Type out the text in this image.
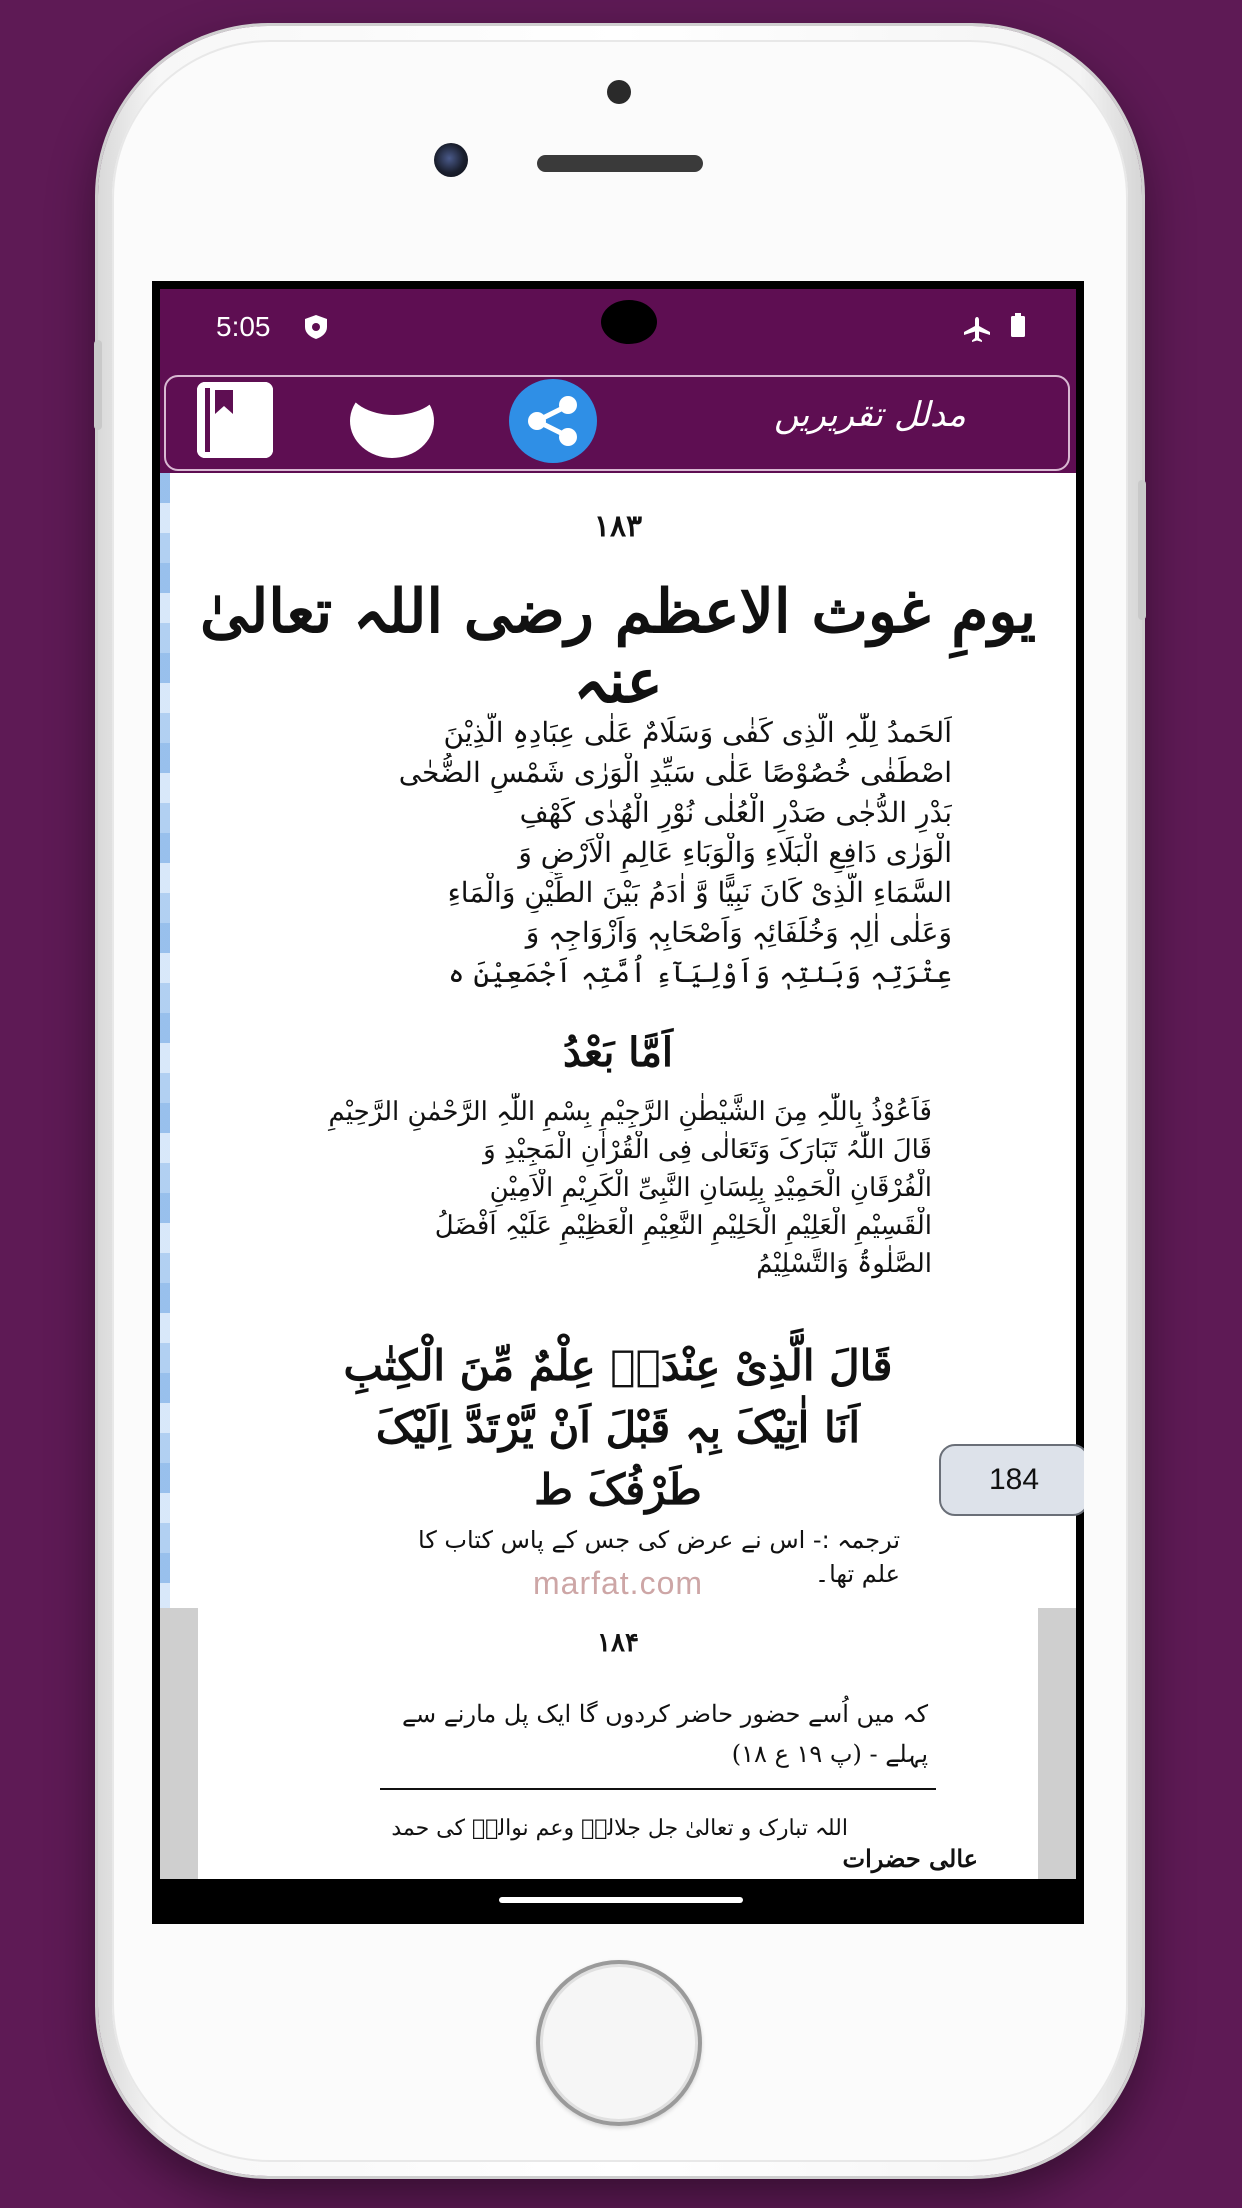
5:05
مدلل تقریریں
۱۸۳
یومِ غوث الاعظم رضی اللہ تعالیٰ عنہ
اَلحَمدُ لِلّٰہِ الَّذِی کَفٰی وَسَلَامٌ عَلٰی عِبَادِہِ الَّذِیْنَ
اصْطَفٰی خُصُوْصًا عَلٰی سَیِّدِ الْوَرٰی شَمْسِ الضُّحٰی
بَدْرِ الدُّجٰی صَدْرِ الْعُلٰی نُوْرِ الْھُدٰی کَھْفِ
الْوَرٰی دَافِعِ الْبَلَاءِ وَالْوَبَاءِ عَالِمِ الْاَرْضِ وَ
السَّمَاءِ الَّذِیْ کَانَ نَبِیًّا وَّ اٰدَمُ بَیْنَ الطِّیْنِ وَالْمَاءِ
وَعَلٰی اٰلِہٖ وَخُلَفَائِہٖ وَاَصْحَابِہٖ وَاَزْوَاجِہٖ وَ
عِتْرَتِہٖ وَبَنٰتِہٖ وَاَوْلِیَآءِ اُمَّتِہٖ اَجْمَعِیْنَ ہ
اَمَّا بَعْدُ
فَاَعُوْذُ بِاللّٰہِ مِنَ الشَّیْطٰنِ الرَّجِیْمِ بِسْمِ اللّٰہِ الرَّحْمٰنِ الرَّحِیْمِ
قَالَ اللّٰہُ تَبَارَکَ وَتَعَالٰی فِی الْقُرْاٰنِ الْمَجِیْدِ وَ
الْفُرْقَانِ الْحَمِیْدِ بِلِسَانِ النَّبِیِّ الْکَرِیْمِ الْاَمِیْنِ
الْقَسِیْمِ الْعَلِیْمِ الْحَلِیْمِ النَّعِیْمِ الْعَظِیْمِ عَلَیْہِ اَفْضَلُ
الصَّلٰوۃُ وَالتَّسْلِیْمُ
قَالَ الَّذِیْ عِنْدَہٗ عِلْمٌ مِّنَ الْکِتٰبِ
اَنَا اٰتِیْکَ بِہٖ قَبْلَ اَنْ یَّرْتَدَّ اِلَیْکَ
طَرْفُکَ ط
ترجمہ :- اس نے عرض کی جس کے پاس کتاب کا
علم تھا۔
marfat.com
۱۸۴
کہ میں اُسے حضور حاضر کردوں گا ایک پل مارنے سے
پہلے - (پ ۱۹ ع ۱۸)
اللہ تبارک و تعالیٰ جل جلالہٗ وعم نوالہٗ کی حمد
عالی حضرات
184
